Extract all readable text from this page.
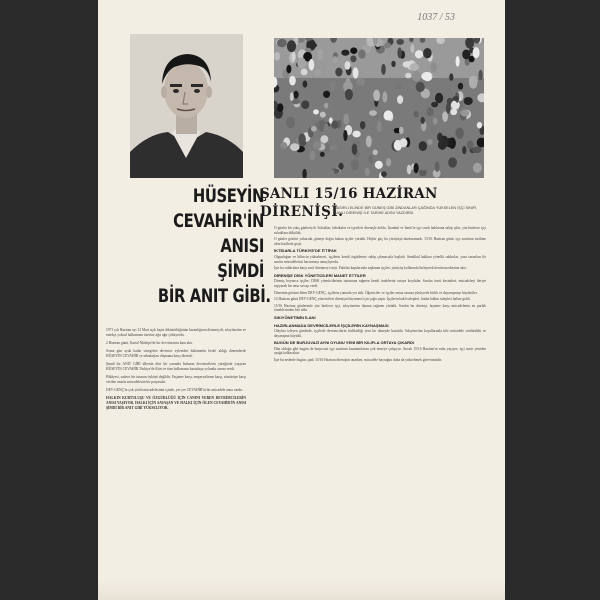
1037 / 53
HÜSEYİN
CEVAHİR'İN
ANISI
ŞİMDİ
BİR ANIT GİBİ.

1971 yılı Haziran ayı 12 Mart açık faşist diktatörlüğünün karanlığının dönemiydi; sıkıyönetim ve emekçi yoksul halkımızın üzerine ağır ağır çöküyordu.

2 Haziran günü, Kartal Maltepe'de bir devrimcinin kanı aktı.

Sonra gün ayda kadar süregelen devrimci eylemleri hükümetin hedef aldığı dönemlerde HÜSEYİN CEVAHİR ve arkadaşları düşmana karşı direndi.

Şimdi bir ANIT GİBİ ülkenin dört bir yanında bulunan devrimcilerin yüreğinde yaşayan HÜSEYİN CEVAHİR Türkiye'de Kürt ve tüm halkımızın kurtuluşu yolunda canını verdi.

Hikâyesi, sadece bir insanın öyküsü değildir. Faşizme karşı, emperyalizme karşı, sömürüye karşı verilen onurlu mücadelenin bir parçasıdır.

DEV-GENÇ'in çok yönlü mücadelesinin içinde, yer yer CEVAHİR'in bir mücadele anısı vardır.

HALKIN KURTULUŞU VE ÖZGÜRLÜĞÜ İÇİN CANINI VEREN DEVRİMCİLERİN ANISI YAŞIYOR. HALKI İÇİN SAVAŞAN VE HALKI İÇİN ÖLEN CEVAHİR'İN ANISI ŞİMDİ BİR ANIT GİBİ YÜKSELİYOR.

ŞANLI 15/16 HAZİRAN
DİRENİŞİ.
NASIRLI ELİNDE BİR GÜNEŞ GİBİ ZİNDANLAR ÇAĞINDA YÜKSELEN İŞÇİ SINIFI, ŞANLI DİRENİŞİ İLE TARİHE ADINI YAZDIRDI.

O günler bir yıkış günleriydi. Sokaklar, fabrikalar ve işyerleri direnişle doldu. İstanbul ve İzmit'te işçi sınıfı haklarına sahip çıktı; yüz binlerce işçi sokaklara döküldü.

O günler gözleri yukarıda, güneşe doğru bakan işçiler yürüdü. Hiçbir güç bu yürüyüşü durduramadı. 15/16 Haziran günü, işçi sınıfının tarihine altın harflerle geçti.

İKTİDARLA TÜRKİYE'DE İTTİFAK

Olgunluğun ve bilincin yükselmesi, işçilerin kendi örgütlerine sahip çıkmasıyla başladı. Sendikal haklara yönelik saldırılar, yasa tasarıları ile sınıfın mücadelesini bastırmayı amaçlıyordu.

İşte bu saldırılara karşı sınıf direnmeyi seçti. Fabrika kapılarında toplanan işçiler, yürüyüş kollarında birleşerek kentin merkezine aktı.

DİRENİŞE DİSK YÖNETİCİLERİ MANET ETTİLER

Direniş boyunca işçiler, DİSK yöneticilerinin tutumuna rağmen kendi iradelerini ortaya koydular. Sınıfın öncü kesimleri, mücadeleyi ileriye taşıyarak bir onur savaşı verdi.

Dönemin gücünü bilen DEV-GENÇ, işçilerin yanında yer aldı. Öğrenciler ve işçiler omuz omuza yürüyerek birlik ve dayanışmayı büyüttüler.

14 Haziran günü DEV-GENÇ yöneticileri direnişin büyümesi için çağrı yaptı. İşçilerin haklı talepleri, bütün halkın talepleri haline geldi.

15/16 Haziran günlerinde yüz binlerce işçi, sıkıyönetim ilanına rağmen yürüdü. Sınıfın bu direnişi, faşizme karşı mücadelenin en parlak örneklerinden biri oldu.

SIKIYÖNETİMİN İLANI
HAZIRLANMADA DEVRİMCİLERLE İŞÇİLERİN KAYNAŞMASI

Olayları izleyen günlerde, işçilerle devrimcilerin birlikteliği yeni bir düzeyde kuruldu. Sıkıyönetim koşullarında bile mücadele sürdürüldü ve dayanışma büyüdü.

BUGÜN DE BURJUVAZİ AYNI OYUNU YENİ BİR KILIFLA ORTAYA ÇIKARDI

Dün olduğu gibi bugün de burjuvazi işçi sınıfının kazanımlarını yok etmeye çalışıyor. Ancak 15/16 Haziran'ın ruhu yaşıyor; işçi sınıfı yeniden ayağa kalkacaktır.

İşte bu nedenle bugün, şanlı 15/16 Haziran direnişini anarken, mücadele bayrağını daha da yükseltmek görevimizdir.
